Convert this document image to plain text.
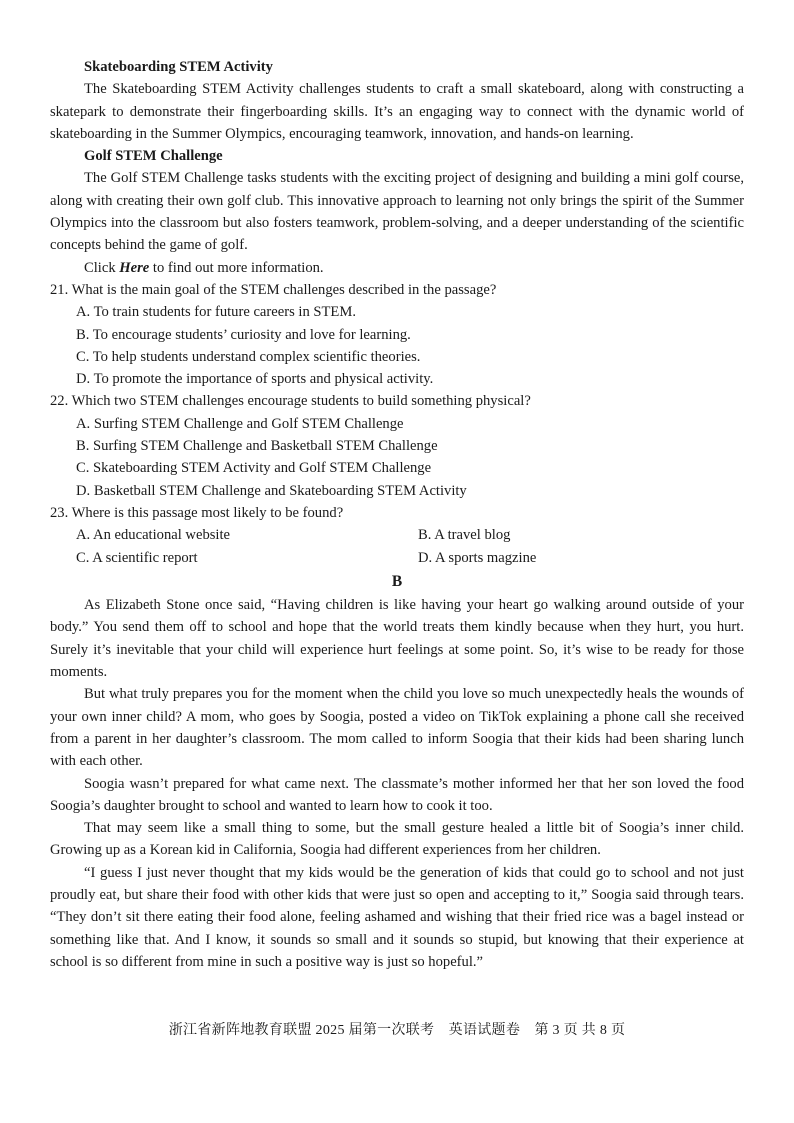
Skateboarding STEM Activity

The Skateboarding STEM Activity challenges students to craft a small skateboard, along with constructing a skatepark to demonstrate their fingerboarding skills. It’s an engaging way to connect with the dynamic world of skateboarding in the Summer Olympics, encouraging teamwork, innovation, and hands-on learning.

Golf STEM Challenge

The Golf STEM Challenge tasks students with the exciting project of designing and building a mini golf course, along with creating their own golf club. This innovative approach to learning not only brings the spirit of the Summer Olympics into the classroom but also fosters teamwork, problem-solving, and a deeper understanding of the scientific concepts behind the game of golf.

Click Here to find out more information.

21. What is the main goal of the STEM challenges described in the passage?

A. To train students for future careers in STEM.

B. To encourage students’ curiosity and love for learning.

C. To help students understand complex scientific theories.

D. To promote the importance of sports and physical activity.

22. Which two STEM challenges encourage students to build something physical?

A. Surfing STEM Challenge and Golf STEM Challenge

B. Surfing STEM Challenge and Basketball STEM Challenge

C. Skateboarding STEM Activity and Golf STEM Challenge

D. Basketball STEM Challenge and Skateboarding STEM Activity

23. Where is this passage most likely to be found?

A. An educational website	B. A travel blog
C. A scientific report	D. A sports magzine
B

As Elizabeth Stone once said, “Having children is like having your heart go walking around outside of your body.” You send them off to school and hope that the world treats them kindly because when they hurt, you hurt. Surely it’s inevitable that your child will experience hurt feelings at some point. So, it’s wise to be ready for those moments.

But what truly prepares you for the moment when the child you love so much unexpectedly heals the wounds of your own inner child? A mom, who goes by Soogia, posted a video on TikTok explaining a phone call she received from a parent in her daughter’s classroom. The mom called to inform Soogia that their kids had been sharing lunch with each other.

Soogia wasn’t prepared for what came next. The classmate’s mother informed her that her son loved the food Soogia’s daughter brought to school and wanted to learn how to cook it too.

That may seem like a small thing to some, but the small gesture healed a little bit of Soogia’s inner child. Growing up as a Korean kid in California, Soogia had different experiences from her children.

“I guess I just never thought that my kids would be the generation of kids that could go to school and not just proudly eat, but share their food with other kids that were just so open and accepting to it,” Soogia said through tears. “They don’t sit there eating their food alone, feeling ashamed and wishing that their fried rice was a bagel instead or something like that. And I know, it sounds so small and it sounds so stupid, but knowing that their experience at school is so different from mine in such a positive way is just so hopeful.”

浙江省新阵地教育联盟 2025 届第一次联考　英语试题卷　第 3 页 共 8 页
